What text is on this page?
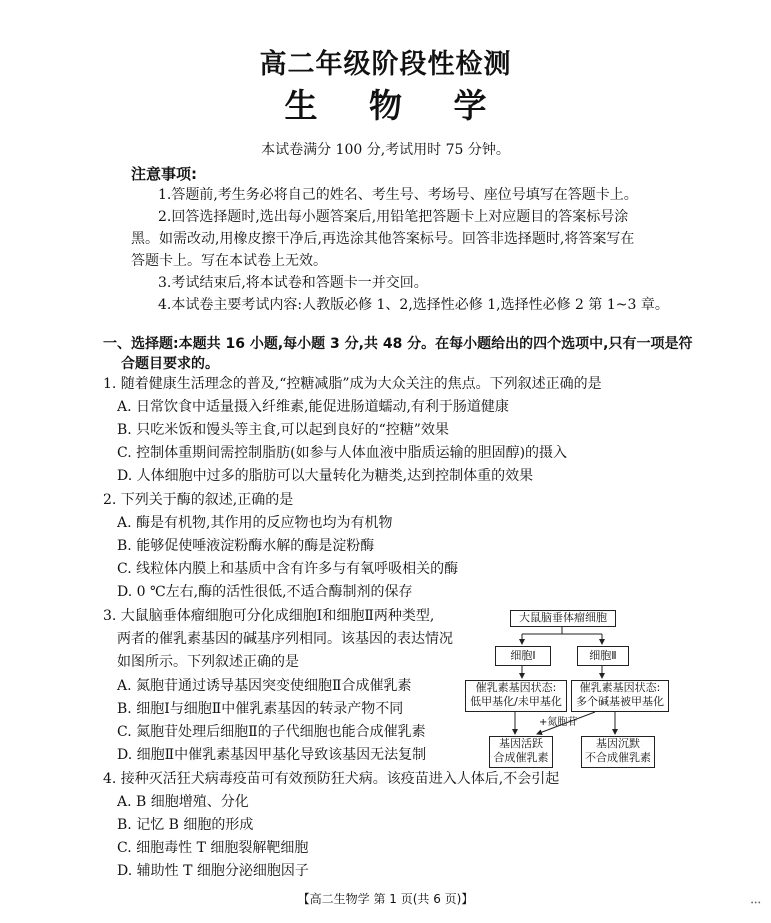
高二年级阶段性检测
生 物 学
本试卷满分 100 分,考试用时 75 分钟。
注意事项:
1.答题前,考生务必将自己的姓名、考生号、考场号、座位号填写在答题卡上。
2.回答选择题时,选出每小题答案后,用铅笔把答题卡上对应题目的答案标号涂
黑。如需改动,用橡皮擦干净后,再选涂其他答案标号。回答非选择题时,将答案写在
答题卡上。写在本试卷上无效。
3.考试结束后,将本试卷和答题卡一并交回。
4.本试卷主要考试内容:人教版必修 1、2,选择性必修 1,选择性必修 2 第 1~3 章。
一、选择题:本题共 16 小题,每小题 3 分,共 48 分。在每小题给出的四个选项中,只有一项是符
合题目要求的。
1. 随着健康生活理念的普及,“控糖减脂”成为大众关注的焦点。下列叙述正确的是
A. 日常饮食中适量摄入纤维素,能促进肠道蠕动,有利于肠道健康
B. 只吃米饭和馒头等主食,可以起到良好的“控糖”效果
C. 控制体重期间需控制脂肪(如参与人体血液中脂质运输的胆固醇)的摄入
D. 人体细胞中过多的脂肪可以大量转化为糖类,达到控制体重的效果
2. 下列关于酶的叙述,正确的是
A. 酶是有机物,其作用的反应物也均为有机物
B. 能够促使唾液淀粉酶水解的酶是淀粉酶
C. 线粒体内膜上和基质中含有许多与有氧呼吸相关的酶
D. 0 ℃左右,酶的活性很低,不适合酶制剂的保存
3. 大鼠脑垂体瘤细胞可分化成细胞Ⅰ和细胞Ⅱ两种类型,
两者的催乳素基因的碱基序列相同。该基因的表达情况
如图所示。下列叙述正确的是
A. 氮胞苷通过诱导基因突变使细胞Ⅱ合成催乳素
B. 细胞Ⅰ与细胞Ⅱ中催乳素基因的转录产物不同
C. 氮胞苷处理后细胞Ⅱ的子代细胞也能合成催乳素
D. 细胞Ⅱ中催乳素基因甲基化导致该基因无法复制
大鼠脑垂体瘤细胞
细胞Ⅰ	细胞Ⅱ
催乳素基因状态:
低甲基化/未甲基化
催乳素基因状态:
多个碱基被甲基化
+氮胞苷
基因活跃
合成催乳素
基因沉默
不合成催乳素
4. 接种灭活狂犬病毒疫苗可有效预防狂犬病。该疫苗进入人体后,不会引起
A. B 细胞增殖、分化
B. 记忆 B 细胞的形成
C. 细胞毒性 T 细胞裂解靶细胞
D. 辅助性 T 细胞分泌细胞因子
【高二生物学 第 1 页(共 6 页)】	•••
